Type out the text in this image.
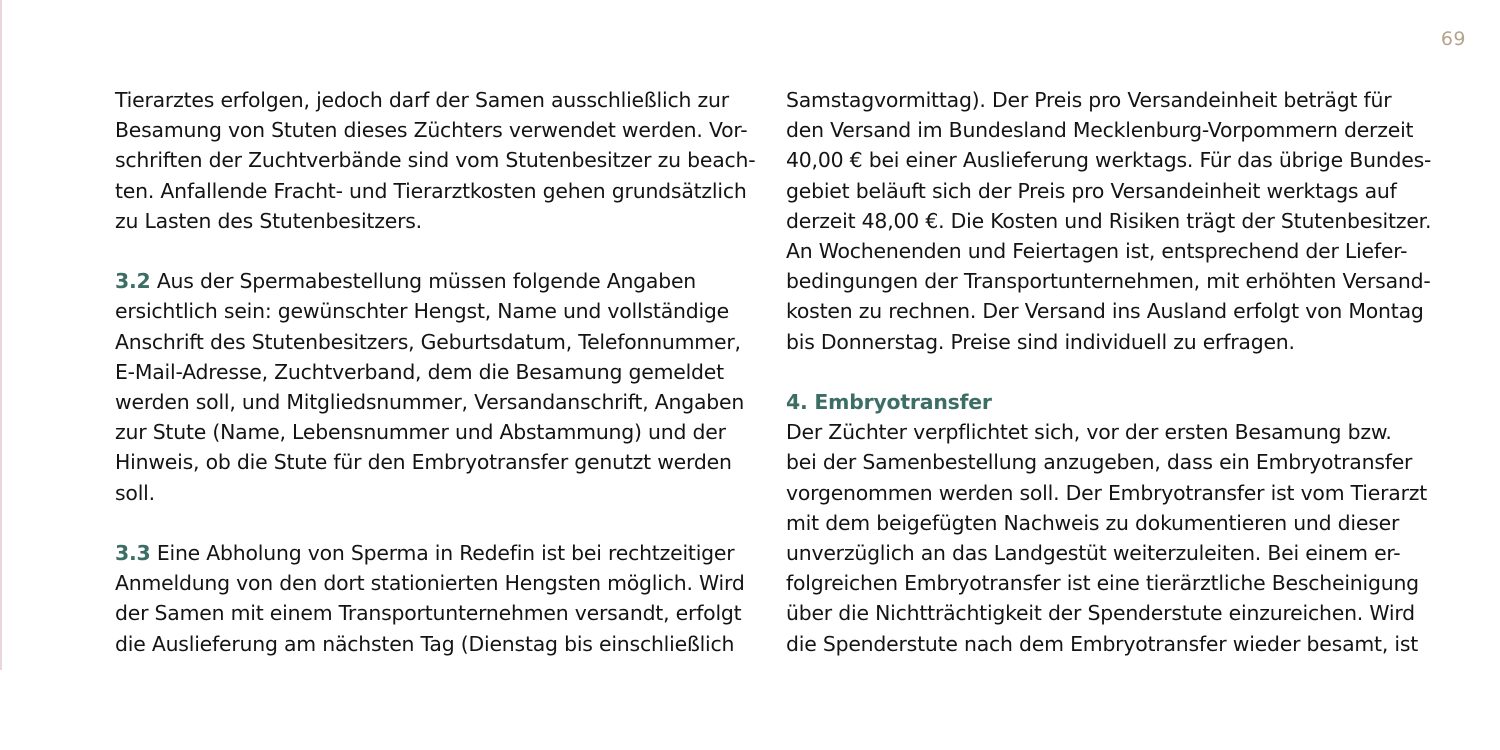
69
Tierarztes erfolgen, jedoch darf der Samen ausschließlich zur
Besamung von Stuten dieses Züchters verwendet werden. Vor-
schriften der Zuchtverbände sind vom Stutenbesitzer zu beach-
ten. Anfallende Fracht- und Tierarztkosten gehen grundsätzlich
zu Lasten des Stutenbesitzers.
3.2 Aus der Spermabestellung müssen folgende Angaben
ersichtlich sein: gewünschter Hengst, Name und vollständige
Anschrift des Stutenbesitzers, Geburtsdatum, Telefonnummer,
E-Mail-Adresse, Zuchtverband, dem die Besamung gemeldet
werden soll, und Mitgliedsnummer, Versandanschrift, Angaben
zur Stute (Name, Lebensnummer und Abstammung) und der
Hinweis, ob die Stute für den Embryotransfer genutzt werden
soll.
3.3 Eine Abholung von Sperma in Redefin ist bei rechtzeitiger
Anmeldung von den dort stationierten Hengsten möglich. Wird
der Samen mit einem Transportunternehmen versandt, erfolgt
die Auslieferung am nächsten Tag (Dienstag bis einschließlich
Samstagvormittag). Der Preis pro Versandeinheit beträgt für
den Versand im Bundesland Mecklenburg-Vorpommern derzeit
40,00 € bei einer Auslieferung werktags. Für das übrige Bundes-
gebiet beläuft sich der Preis pro Versandeinheit werktags auf
derzeit 48,00 €. Die Kosten und Risiken trägt der Stutenbesitzer.
An Wochenenden und Feiertagen ist, entsprechend der Liefer-
bedingungen der Transportunternehmen, mit erhöhten Versand-
kosten zu rechnen. Der Versand ins Ausland erfolgt von Montag
bis Donnerstag. Preise sind individuell zu erfragen.
4. Embryotransfer
Der Züchter verpflichtet sich, vor der ersten Besamung bzw.
bei der Samenbestellung anzugeben, dass ein Embryotransfer
vorgenommen werden soll. Der Embryotransfer ist vom Tierarzt
mit dem beigefügten Nachweis zu dokumentieren und dieser
unverzüglich an das Landgestüt weiterzuleiten. Bei einem er-
folgreichen Embryotransfer ist eine tierärztliche Bescheinigung
über die Nichtträchtigkeit der Spenderstute einzureichen. Wird
die Spenderstute nach dem Embryotransfer wieder besamt, ist
